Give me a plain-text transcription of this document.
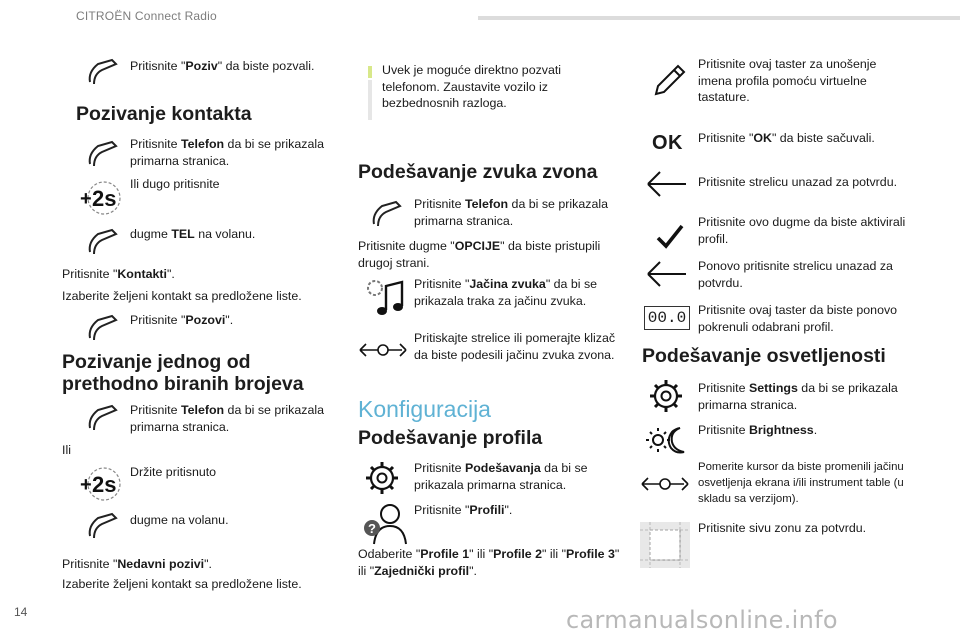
CITROËN Connect Radio
Pritisnite "Poziv" da biste pozvali.
Pozivanje kontakta
Pritisnite Telefon da bi se prikazala primarna stranica.
+ 2s
Ili dugo pritisnite
dugme TEL na volanu.
Pritisnite "Kontakti".
Izaberite željeni kontakt sa predložene liste.
Pritisnite "Pozovi".
Pozivanje jednog od
prethodno biranih brojeva
Pritisnite Telefon da bi se prikazala primarna stranica.
Ili
+ 2s Držite pritisnuto
dugme na volanu.
Pritisnite "Nedavni pozivi".
Izaberite željeni kontakt sa predložene liste.
Uvek je moguće direktno pozvati telefonom. Zaustavite vozilo iz bezbednosnih razloga.
Podešavanje zvuka zvona
Pritisnite Telefon da bi se prikazala primarna stranica.
Pritisnite dugme "OPCIJE" da biste pristupili drugoj strani.
Pritisnite "Jačina zvuka" da bi se prikazala traka za jačinu zvuka.
Pritiskajte strelice ili pomerajte klizač da biste podesili jačinu zvuka zvona.
Konfiguracija
Podešavanje profila
Pritisnite Podešavanja da bi se prikazala primarna stranica.
?
Pritisnite "Profili".
Odaberite "Profile 1" ili "Profile 2" ili "Profile 3" ili "Zajednički profil".
Pritisnite ovaj taster za unošenje imena profila pomoću virtuelne tastature.
OK Pritisnite "OK" da biste sačuvali.
Pritisnite strelicu unazad za potvrdu.
Pritisnite ovo dugme da biste aktivirali profil.
Ponovo pritisnite strelicu unazad za potvrdu.
00.0 Pritisnite ovaj taster da biste ponovo pokrenuli odabrani profil.
Podešavanje osvetljenosti
Pritisnite Settings da bi se prikazala primarna stranica.
Pritisnite Brightness.
Pomerite kursor da biste promenili jačinu osvetljenja ekrana i/ili instrument table (u skladu sa verzijom).
Pritisnite sivu zonu za potvrdu.
14	carmanualsonline.info
